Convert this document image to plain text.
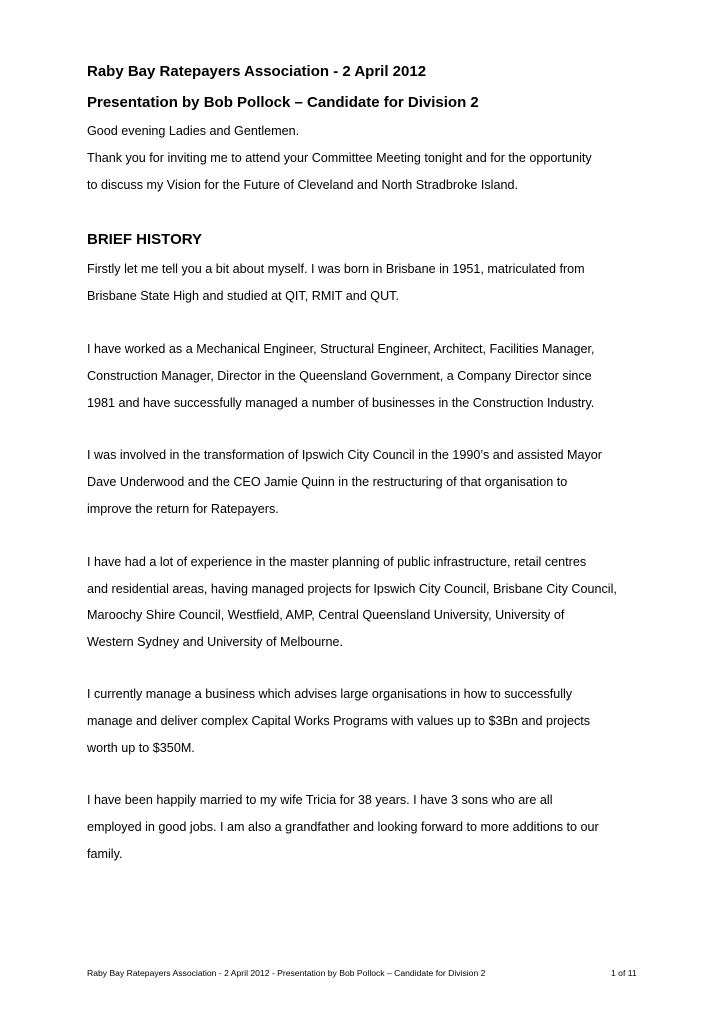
Raby Bay Ratepayers Association - 2 April 2012
Presentation by Bob Pollock – Candidate for Division 2
Good evening Ladies and Gentlemen.
Thank you for inviting me to attend your Committee Meeting tonight and for the opportunity
to discuss my Vision for the Future of Cleveland and North Stradbroke Island.
BRIEF HISTORY
Firstly let me tell you a bit about myself. I was born in Brisbane in 1951, matriculated from
Brisbane State High and studied at QIT, RMIT and QUT.
I have worked as a Mechanical Engineer, Structural Engineer, Architect, Facilities Manager,
Construction Manager, Director in the Queensland Government, a Company Director since
1981 and have successfully managed a number of businesses in the Construction Industry.
I was involved in the transformation of Ipswich City Council in the 1990’s and assisted Mayor
Dave Underwood and the CEO Jamie Quinn in the restructuring of that organisation to
improve the return for Ratepayers.
I have had a lot of experience in the master planning of public infrastructure, retail centres
and residential areas, having managed projects for Ipswich City Council, Brisbane City Council,
Maroochy Shire Council, Westfield, AMP, Central Queensland University, University of
Western Sydney and University of Melbourne.
I currently manage a business which advises large organisations in how to successfully
manage and deliver complex Capital Works Programs with values up to $3Bn and projects
worth up to $350M.
I have been happily married to my wife Tricia for 38 years. I have 3 sons who are all
employed in good jobs. I am also a grandfather and looking forward to more additions to our
family.
Raby Bay Ratepayers Association - 2 April 2012 - Presentation by Bob Pollock – Candidate for Division 2	1 of 11
